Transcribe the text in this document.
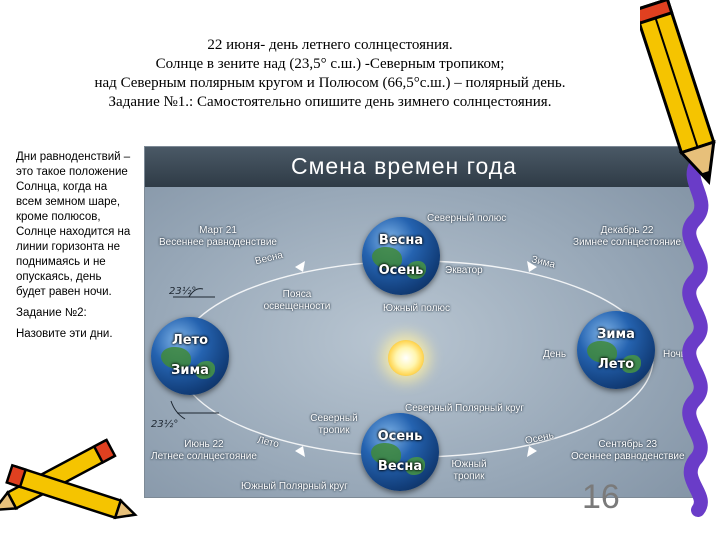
22 июня- день летнего солнцестояния.
Солнце в зените над (23,5° с.ш.) -Северным тропиком;
над Северным полярным кругом и Полюсом (66,5°с.ш.) – полярный день.
Задание №1.: Самостоятельно опишите день зимнего солнцестояния.

Дни равноденствий – это такое положение Солнца, когда на всем земном шаре, кроме полюсов, Солнце находится на линии горизонта не поднимаясь и не опускаясь, день будет равен ночи.

Задание №2:

Назовите эти дни.

Смена времен года
Весна
Осень
Лето
Зима
Зима
Лето
Осень
Весна
Март 21
Весеннее равноденствие
Декабрь 22
Зимнее солнцестояние
Июнь 22
Летнее солнцестояние
Сентябрь 23
Осеннее равноденствие
Северный полюс
Экватор
Южный полюс
Пояса освещенности
Весна	Зима
Лето	Осень
День	Ночь
Северный Полярный круг
Северный тропик
Южный тропик
Южный Полярный круг
23½°
23½°
16
